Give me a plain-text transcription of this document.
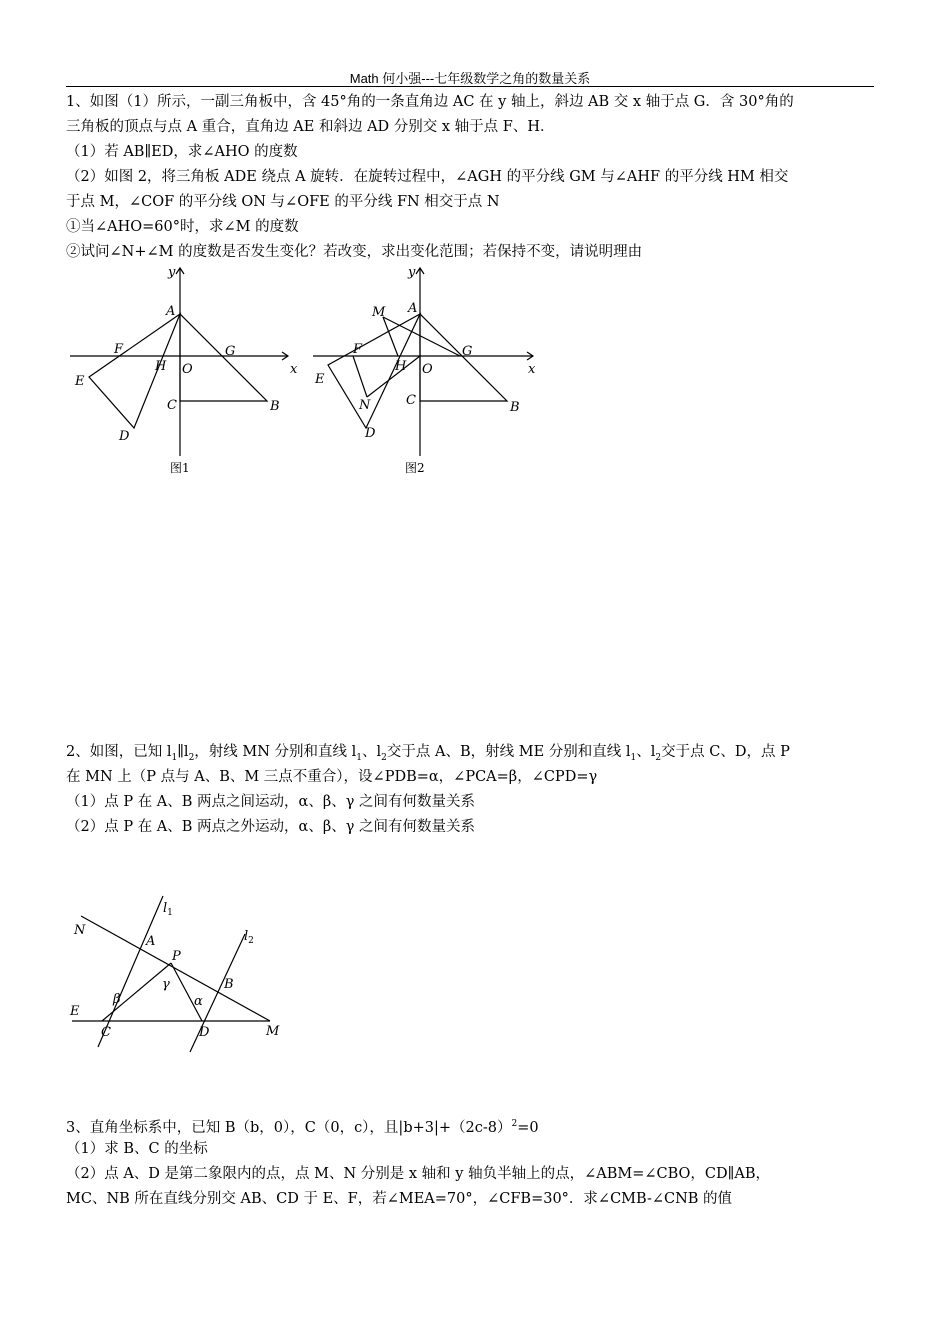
Math 何小强---七年级数学之角的数量关系
1、如图（1）所示，一副三角板中，含 45°角的一条直角边 AC 在 y 轴上，斜边 AB 交 x 轴于点 G．含 30°角的
三角板的顶点与点 A 重合，直角边 AE 和斜边 AD 分别交 x 轴于点 F、H．
（1）若 AB∥ED，求∠AHO 的度数
（2）如图 2，将三角板 ADE 绕点 A 旋转．在旋转过程中，∠AGH 的平分线 GM 与∠AHF 的平分线 HM 相交
于点 M，∠COF 的平分线 ON 与∠OFE 的平分线 FN 相交于点 N
①当∠AHO=60°时，求∠M 的度数
②试问∠N+∠M 的度数是否发生变化？若改变，求出变化范围；若保持不变，请说明理由
y
x
A
F	G
H O
E
C	B
D
图1
y
x
M A
F	G
H O
E
C	B
N
D
图2
2、如图，已知 $l_1\parallel l_2$，射线 MN 分别和直线 $l_1$、$l_2$交于点 A、B，射线 ME 分别和直线 $l_1$、$l_2$交于点 C、D，点 P
在 MN 上（P 点与 A、B、M 三点不重合），设∠PDB=α，∠PCA=β，∠CPD=γ
（1）点 P 在 A、B 两点之间运动，α、β、γ 之间有何数量关系
（2）点 P 在 A、B 两点之外运动，α、β、γ 之间有何数量关系
$l_1$
$l_2$
N
A
P
γ	B
β	α
E
C	D	M
3、直角坐标系中，已知 B（b，0），C（0，c），且$|b+3|+(2c-8)^2=0$
（1）求 B、C 的坐标
（2）点 A、D 是第二象限内的点，点 M、N 分别是 x 轴和 y 轴负半轴上的点，∠ABM=∠CBO，CD∥AB，
MC、NB 所在直线分别交 AB、CD 于 E、F，若∠MEA=70°，∠CFB=30°．求∠CMB-∠CNB 的值
